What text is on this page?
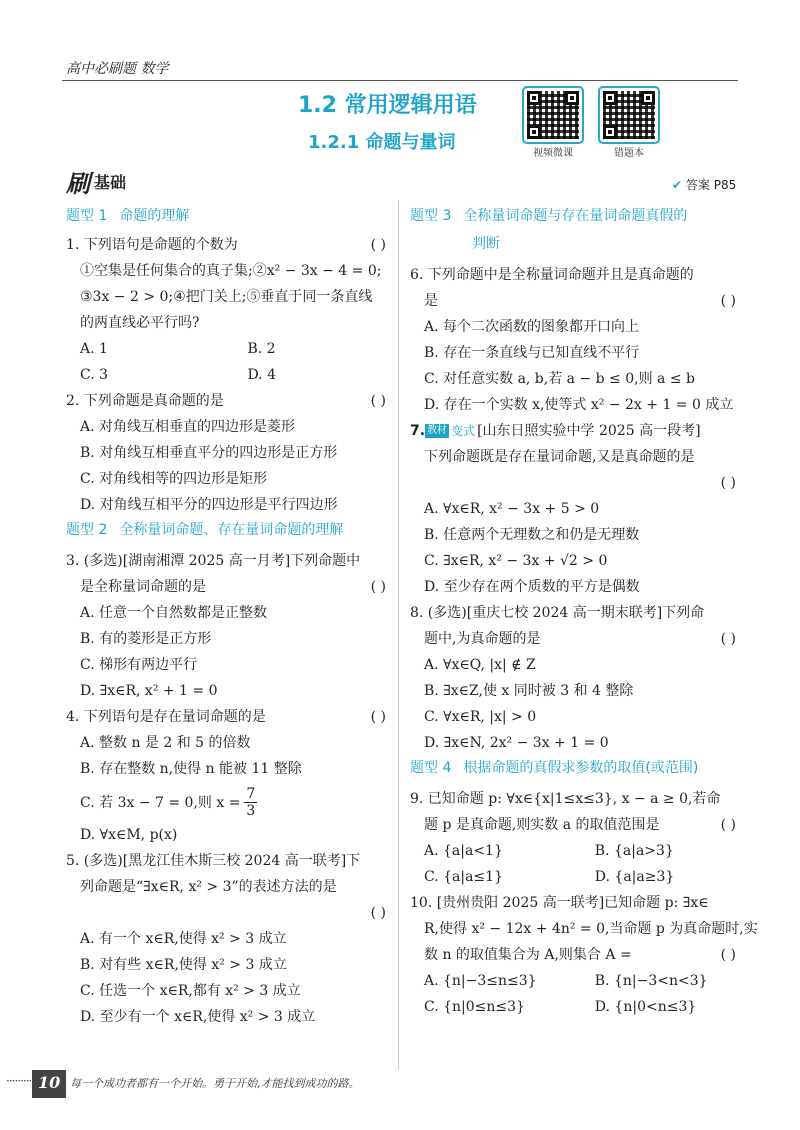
高中必刷题 数学
1.2 常用逻辑用语
1.2.1 命题与量词
视频微课	错题本
刷 基础	✔ 答案 P85
题型 1 命题的理解
1. 下列语句是命题的个数为	( )
①空集是任何集合的真子集;②x² − 3x − 4 = 0;
③3x − 2 > 0;④把门关上;⑤垂直于同一条直线
的两直线必平行吗?
A. 1	B. 2
C. 3	D. 4
2. 下列命题是真命题的是	( )
A. 对角线互相垂直的四边形是菱形
B. 对角线互相垂直平分的四边形是正方形
C. 对角线相等的四边形是矩形
D. 对角线互相平分的四边形是平行四边形
题型 2 全称量词命题、存在量词命题的理解
3. (多选)[湖南湘潭 2025 高一月考]下列命题中
是全称量词命题的是	( )
A. 任意一个自然数都是正整数
B. 有的菱形是正方形
C. 梯形有两边平行
D. ∃x∈R, x² + 1 = 0
4. 下列语句是存在量词命题的是	( )
A. 整数 n 是 2 和 5 的倍数
B. 存在整数 n,使得 n 能被 11 整除
C. 若 3x − 7 = 0,则 $x = \frac{7}{3}$
D. ∀x∈M, p(x)
5. (多选)[黑龙江佳木斯三校 2024 高一联考]下
列命题是“∃x∈R, x² > 3”的表述方法的是
( )
A. 有一个 x∈R,使得 x² > 3 成立
B. 对有些 x∈R,使得 x² > 3 成立
C. 任选一个 x∈R,都有 x² > 3 成立
D. 至少有一个 x∈R,使得 x² > 3 成立
题型 3 全称量词命题与存在量词命题真假的
判断
6. 下列命题中是全称量词命题并且是真命题的
是	( )
A. 每个二次函数的图象都开口向上
B. 存在一条直线与已知直线不平行
C. 对任意实数 a, b,若 a − b ≤ 0,则 a ≤ b
D. 存在一个实数 x,使等式 x² − 2x + 1 = 0 成立
7. 教材 变式 [山东日照实验中学 2025 高一段考]
下列命题既是存在量词命题,又是真命题的是
( )
A. ∀x∈R, x² − 3x + 5 > 0
B. 任意两个无理数之和仍是无理数
C. ∃x∈R, x² − 3x + √2 > 0
D. 至少存在两个质数的平方是偶数
8. (多选)[重庆七校 2024 高一期末联考]下列命
题中,为真命题的是	( )
A. ∀x∈Q, |x| ∉ Z
B. ∃x∈Z,使 x 同时被 3 和 4 整除
C. ∀x∈R, |x| > 0
D. ∃x∈N, 2x² − 3x + 1 = 0
题型 4 根据命题的真假求参数的取值(或范围)
9. 已知命题 p: ∀x∈{x|1≤x≤3}, x − a ≥ 0,若命
题 p 是真命题,则实数 a 的取值范围是	( )
A. {a|a<1}	B. {a|a>3}
C. {a|a≤1}	D. {a|a≥3}
10. [贵州贵阳 2025 高一联考]已知命题 p: ∃x∈
R,使得 x² − 12x + 4n² = 0,当命题 p 为真命题时,实
数 n 的取值集合为 A,则集合 A =	( )
A. {n|−3≤n≤3}	B. {n|−3<n<3}
C. {n|0≤n≤3}	D. {n|0<n≤3}
········· 10 每一个成功者都有一个开始。勇于开始,才能找到成功的路。
